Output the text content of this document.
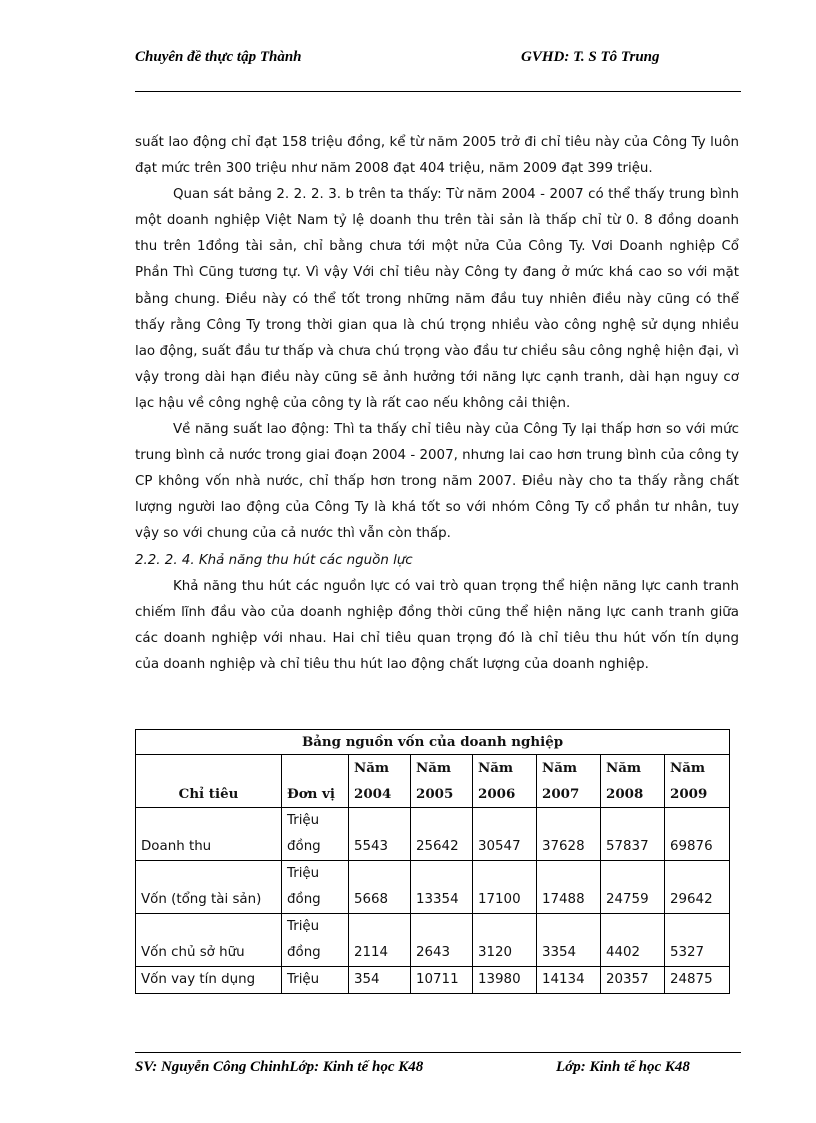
Chuyên đề thực tập Thành	GVHD: T. S Tô Trung

suất lao động chỉ đạt 158 triệu đồng, kể từ năm 2005 trở đi chỉ tiêu này của Công Ty luôn đạt mức trên 300 triệu như năm 2008 đạt 404 triệu, năm 2009 đạt 399 triệu.

Quan sát bảng 2. 2. 2. 3. b trên ta thấy: Từ năm 2004 - 2007 có thể thấy trung bình một doanh nghiệp Việt Nam tỷ lệ doanh thu trên tài sản là thấp chỉ từ 0. 8 đồng doanh thu trên 1đồng tài sản, chỉ bằng chưa tới một nửa Của Công Ty. Vơi Doanh nghiệp Cổ Phần Thì Cũng tương tự. Vì vậy Với chỉ tiêu này Công ty đang ở mức khá cao so với mặt bằng chung. Điều này có thể tốt trong những năm đầu tuy nhiên điều này cũng có thể thấy rằng Công Ty trong thời gian qua là chú trọng nhiều vào công nghệ sử dụng nhiều lao động, suất đầu tư thấp và chưa chú trọng vào đầu tư chiều sâu công nghệ hiện đại, vì vậy trong dài hạn điều này cũng sẽ ảnh hưởng tới năng lực cạnh tranh, dài hạn nguy cơ lạc hậu về công nghệ của công ty là rất cao nếu không cải thiện.

Về năng suất lao động: Thì ta thấy chỉ tiêu này của Công Ty lại thấp hơn so với mức trung bình cả nước trong giai đoạn 2004 - 2007, nhưng lai cao hơn trung bình của công ty CP không vốn nhà nước, chỉ thấp hơn trong năm 2007. Điều này cho ta thấy rằng chất lượng người lao động của Công Ty là khá tốt so với nhóm Công Ty cổ phần tư nhân, tuy vậy so với chung của cả nước thì vẫn còn thấp.

2.2. 2. 4. Khả năng thu hút các nguồn lực

Khả năng thu hút các nguồn lực có vai trò quan trọng thể hiện năng lực canh tranh chiếm lĩnh đầu vào của doanh nghiệp đồng thời cũng thể hiện năng lực canh tranh giữa các doanh nghiệp với nhau. Hai chỉ tiêu quan trọng đó là chỉ tiêu thu hút vốn tín dụng của doanh nghiệp và chỉ tiêu thu hút lao động chất lượng của doanh nghiệp.

Bảng nguồn vốn của doanh nghiệp							
Chỉ tiêu	Đơn vị	Năm 2004	Năm 2005	Năm 2006	Năm 2007	Năm 2008	Năm 2009
Doanh thu	Triệu đồng	5543	25642	30547	37628	57837	69876
Vốn (tổng tài sản)	Triệu đồng	5668	13354	17100	17488	24759	29642
Vốn chủ sở hữu	Triệu đồng	2114	2643	3120	3354	4402	5327
Vốn vay tín dụng	Triệu	354	10711	13980	14134	20357	24875
SV: Nguyễn Công ChinhLớp: Kinh tế học K48	Lớp: Kinh tế học K48
